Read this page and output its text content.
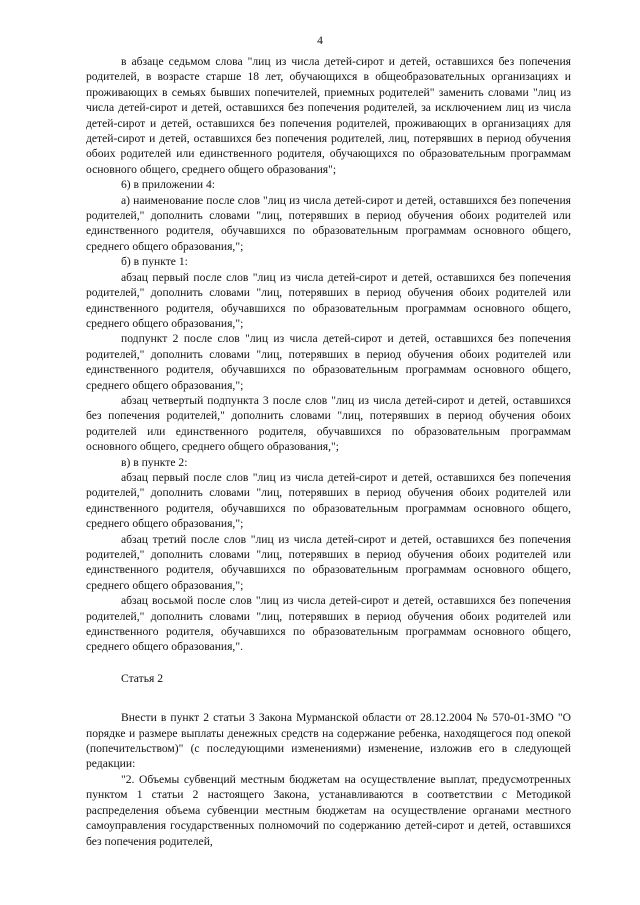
4

в абзаце седьмом слова "лиц из числа детей-сирот и детей, оставшихся без попечения родителей, в возрасте старше 18 лет, обучающихся в общеобразовательных организациях и проживающих в семьях бывших попечителей, приемных родителей" заменить словами "лиц из числа детей-сирот и детей, оставшихся без попечения родителей, за исключением лиц из числа детей-сирот и детей, оставшихся без попечения родителей, проживающих в организациях для детей-сирот и детей, оставшихся без попечения родителей, лиц, потерявших в период обучения обоих родителей или единственного родителя, обучающихся по образовательным программам основного общего, среднего общего образования";

6) в приложении 4:

а) наименование после слов "лиц из числа детей-сирот и детей, оставшихся без попечения родителей," дополнить словами "лиц, потерявших в период обучения обоих родителей или единственного родителя, обучавшихся по образовательным программам основного общего, среднего общего образования,";

б) в пункте 1:

абзац первый после слов "лиц из числа детей-сирот и детей, оставшихся без попечения родителей," дополнить словами "лиц, потерявших в период обучения обоих родителей или единственного родителя, обучавшихся по образовательным программам основного общего, среднего общего образования,";

подпункт 2 после слов "лиц из числа детей-сирот и детей, оставшихся без попечения родителей," дополнить словами "лиц, потерявших в период обучения обоих родителей или единственного родителя, обучавшихся по образовательным программам основного общего, среднего общего образования,";

абзац четвертый подпункта 3 после слов "лиц из числа детей-сирот и детей, оставшихся без попечения родителей," дополнить словами "лиц, потерявших в период обучения обоих родителей или единственного родителя, обучавшихся по образовательным программам основного общего, среднего общего образования,";

в) в пункте 2:

абзац первый после слов "лиц из числа детей-сирот и детей, оставшихся без попечения родителей," дополнить словами "лиц, потерявших в период обучения обоих родителей или единственного родителя, обучавшихся по образовательным программам основного общего, среднего общего образования,";

абзац третий после слов "лиц из числа детей-сирот и детей, оставшихся без попечения родителей," дополнить словами "лиц, потерявших в период обучения обоих родителей или единственного родителя, обучавшихся по образовательным программам основного общего, среднего общего образования,";

абзац восьмой после слов "лиц из числа детей-сирот и детей, оставшихся без попечения родителей," дополнить словами "лиц, потерявших в период обучения обоих родителей или единственного родителя, обучавшихся по образовательным программам основного общего, среднего общего образования,".

Статья 2

Внести в пункт 2 статьи 3 Закона Мурманской области от 28.12.2004 № 570-01-ЗМО "О порядке и размере выплаты денежных средств на содержание ребенка, находящегося под опекой (попечительством)" (с последующими изменениями) изменение, изложив его в следующей редакции:

"2. Объемы субвенций местным бюджетам на осуществление выплат, предусмотренных пунктом 1 статьи 2 настоящего Закона, устанавливаются в соответствии с Методикой распределения объема субвенции местным бюджетам на осуществление органами местного самоуправления государственных полномочий по содержанию детей-сирот и детей, оставшихся без попечения родителей,
